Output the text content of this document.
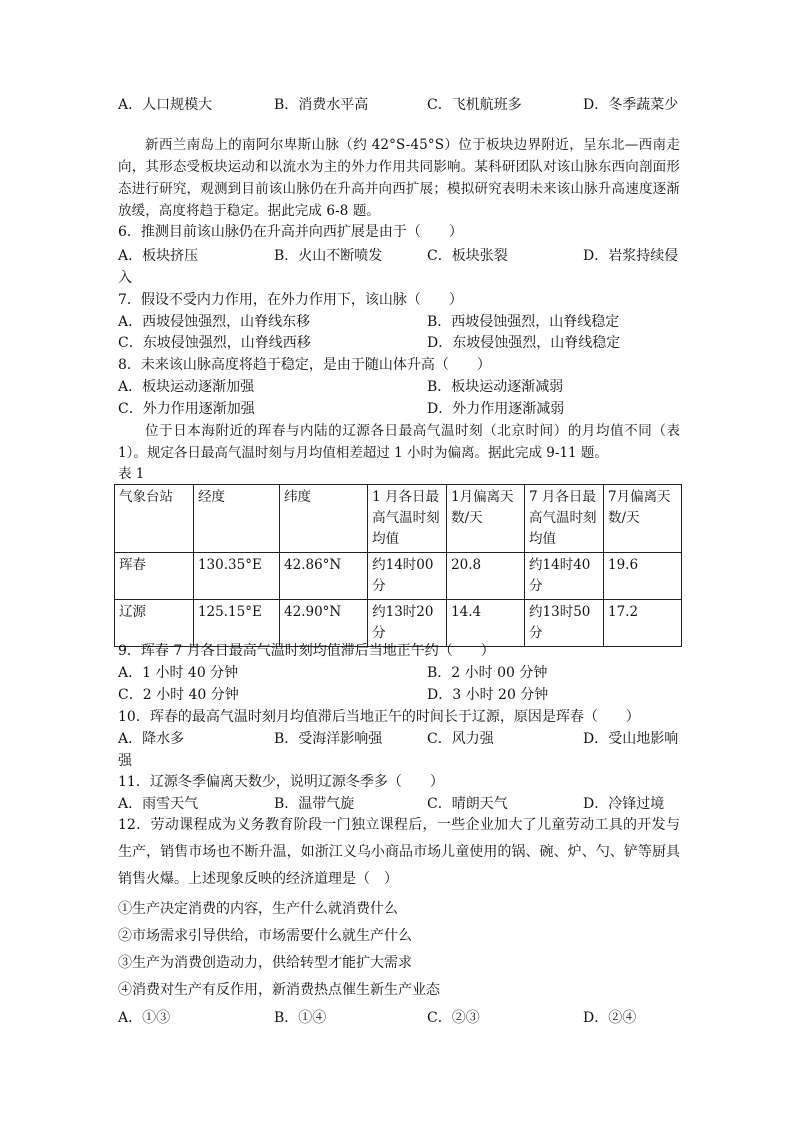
A．人口规模大	B．消费水平高	C．飞机航班多	D．冬季蔬菜少
新西兰南岛上的南阿尔卑斯山脉（约 42°S-45°S）位于板块边界附近，呈东北—西南走向，其形态受板块运动和以流水为主的外力作用共同影响。某科研团队对该山脉东西向剖面形态进行研究，观测到目前该山脉仍在升高并向西扩展；模拟研究表明未来该山脉升高速度逐渐放缓，高度将趋于稳定。据此完成 6-8 题。
6．推测目前该山脉仍在升高并向西扩展是由于（　　）
A．板块挤压	B．火山不断喷发	C．板块张裂	D．岩浆持续侵
入
7．假设不受内力作用，在外力作用下，该山脉（　　）
A．西坡侵蚀强烈，山脊线东移	B．西坡侵蚀强烈，山脊线稳定
C．东坡侵蚀强烈，山脊线西移	D．东坡侵蚀强烈，山脊线稳定
8．未来该山脉高度将趋于稳定，是由于随山体升高（　　）
A．板块运动逐渐加强	B．板块运动逐渐减弱
C．外力作用逐渐加强	D．外力作用逐渐减弱
位于日本海附近的珲春与内陆的辽源各日最高气温时刻（北京时间）的月均值不同（表 1）。规定各日最高气温时刻与月均值相差超过 1 小时为偏离。据此完成 9-11 题。
表 1
气象台站	经度	纬度	1 月各日最高气温时刻均值	1月偏离天数/天	7 月各日最高气温时刻均值	7月偏离天数/天
珲春	130.35°E	42.86°N	约14时00分	20.8	约14时40分	19.6
辽源	125.15°E	42.90°N	约13时20分	14.4	约13时50分	17.2
9．珲春 7 月各日最高气温时刻均值滞后当地正午约（　　）
A．1 小时 40 分钟	B．2 小时 00 分钟
C．2 小时 40 分钟	D．3 小时 20 分钟
10．珲春的最高气温时刻月均值滞后当地正午的时间长于辽源，原因是珲春（　　）
A．降水多	B．受海洋影响强	C．风力强	D．受山地影响
强
11．辽源冬季偏离天数少，说明辽源冬季多（　　）
A．雨雪天气	B．温带气旋	C．晴朗天气	D．冷锋过境
12．劳动课程成为义务教育阶段一门独立课程后，一些企业加大了儿童劳动工具的开发与生产，销售市场也不断升温，如浙江义乌小商品市场儿童使用的锅、碗、炉、勺、铲等厨具销售火爆。上述现象反映的经济道理是（　）
①生产决定消费的内容，生产什么就消费什么
②市场需求引导供给，市场需要什么就生产什么
③生产为消费创造动力，供给转型才能扩大需求
④消费对生产有反作用，新消费热点催生新生产业态
A．①③	B．①④	C．②③	D．②④
